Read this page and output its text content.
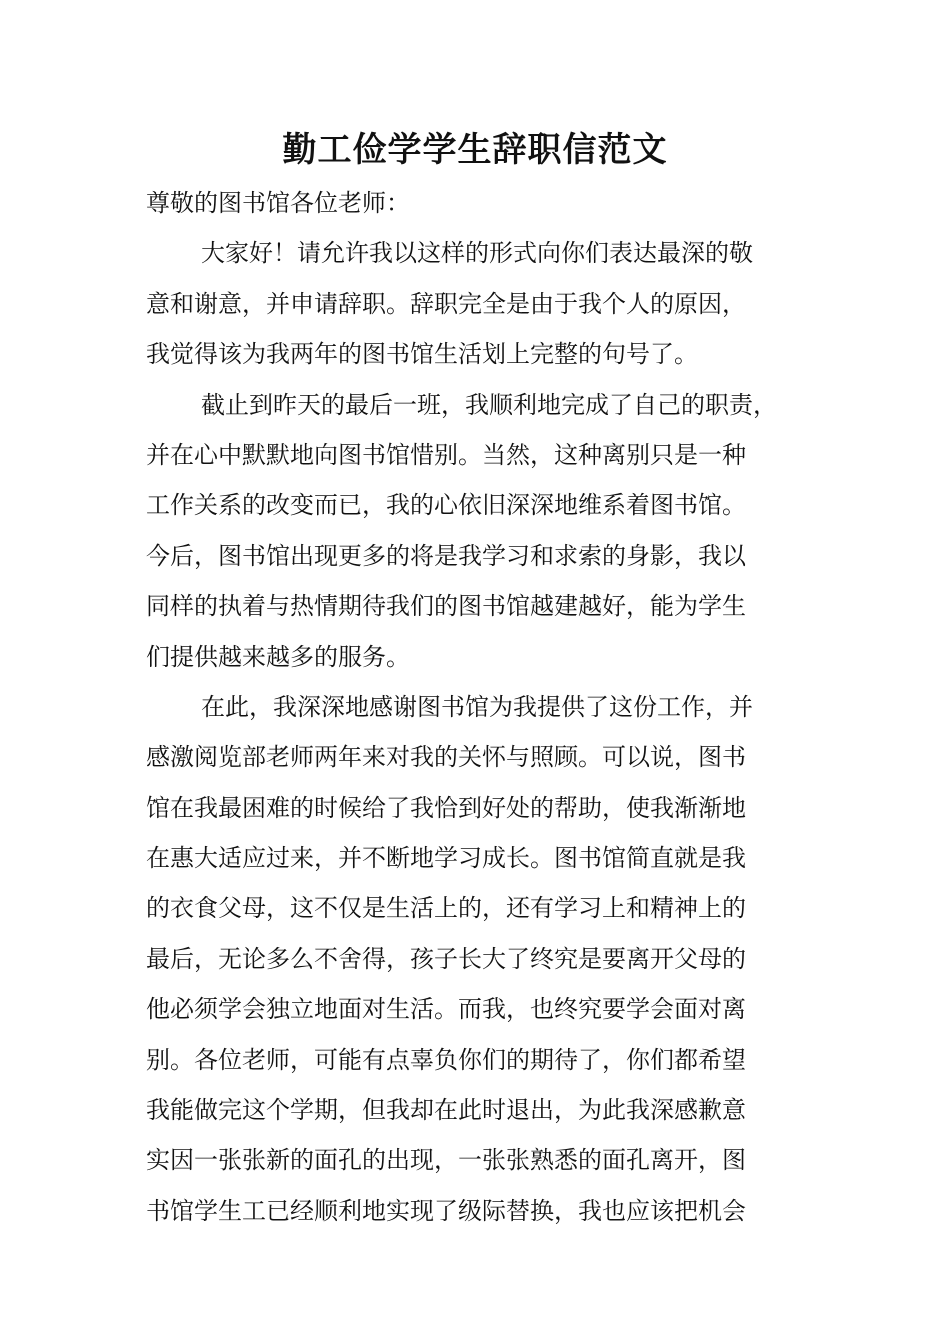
勤工俭学学生辞职信范文
尊敬的图书馆各位老师：
大家好！请允许我以这样的形式向你们表达最深的敬
意和谢意，并申请辞职。辞职完全是由于我个人的原因，
我觉得该为我两年的图书馆生活划上完整的句号了。
截止到昨天的最后一班，我顺利地完成了自己的职责，
并在心中默默地向图书馆惜别。当然，这种离别只是一种
工作关系的改变而已，我的心依旧深深地维系着图书馆。
今后，图书馆出现更多的将是我学习和求索的身影，我以
同样的执着与热情期待我们的图书馆越建越好，能为学生
们提供越来越多的服务。
在此，我深深地感谢图书馆为我提供了这份工作，并
感激阅览部老师两年来对我的关怀与照顾。可以说，图书
馆在我最困难的时候给了我恰到好处的帮助，使我渐渐地
在惠大适应过来，并不断地学习成长。图书馆简直就是我
的衣食父母，这不仅是生活上的，还有学习上和精神上的
最后，无论多么不舍得，孩子长大了终究是要离开父母的
他必须学会独立地面对生活。而我，也终究要学会面对离
别。各位老师，可能有点辜负你们的期待了，你们都希望
我能做完这个学期，但我却在此时退出，为此我深感歉意
实因一张张新的面孔的出现，一张张熟悉的面孔离开，图
书馆学生工已经顺利地实现了级际替换，我也应该把机会
